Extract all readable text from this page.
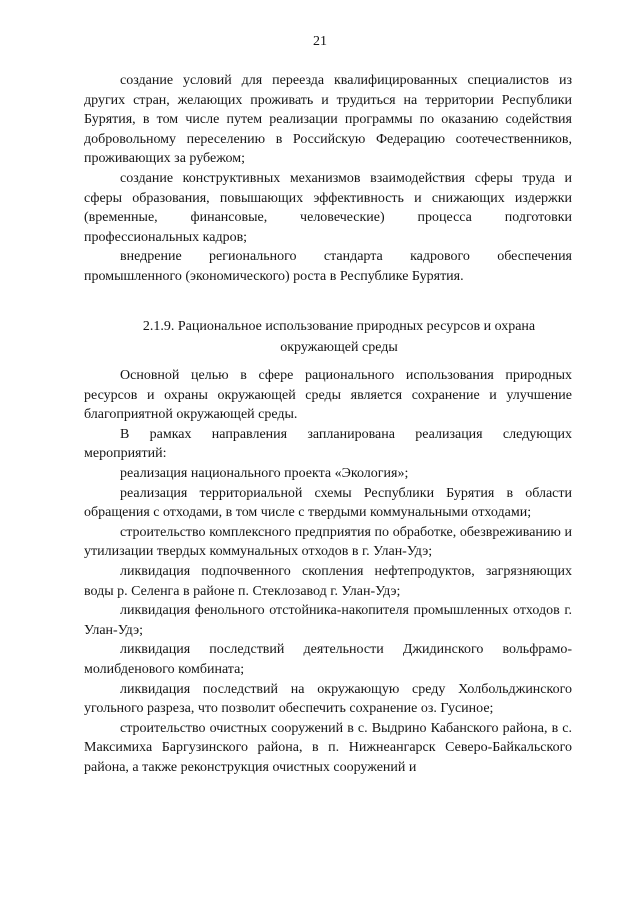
21

создание условий для переезда квалифицированных специалистов из других стран, желающих проживать и трудиться на территории Республики Бурятия, в том числе путем реализации программы по оказанию содействия добровольному переселению в Российскую Федерацию соотечественников, проживающих за рубежом;

создание конструктивных механизмов взаимодействия сферы труда и сферы образования, повышающих эффективность и снижающих издержки (временные, финансовые, человеческие) процесса подготовки профессиональных кадров;

внедрение регионального стандарта кадрового обеспечения промышленного (экономического) роста в Республике Бурятия.

2.1.9. Рациональное использование природных ресурсов и охрана окружающей среды

Основной целью в сфере рационального использования природных ресурсов и охраны окружающей среды является сохранение и улучшение благоприятной окружающей среды.

В рамках направления запланирована реализация следующих мероприятий:

реализация национального проекта «Экология»;

реализация территориальной схемы Республики Бурятия в области обращения с отходами, в том числе с твердыми коммунальными отходами;

строительство комплексного предприятия по обработке, обезвреживанию и утилизации твердых коммунальных отходов в г. Улан-Удэ;

ликвидация подпочвенного скопления нефтепродуктов, загрязняющих воды р. Селенга в районе п. Стеклозавод г. Улан-Удэ;

ликвидация фенольного отстойника-накопителя промышленных отходов г. Улан-Удэ;

ликвидация последствий деятельности Джидинского вольфрамо-молибденового комбината;

ликвидация последствий на окружающую среду Холбольджинского угольного разреза, что позволит обеспечить сохранение оз. Гусиное;

строительство очистных сооружений в с. Выдрино Кабанского района, в с. Максимиха Баргузинского района, в п. Нижнеангарск Северо-Байкальского района, а также реконструкция очистных сооружений и
